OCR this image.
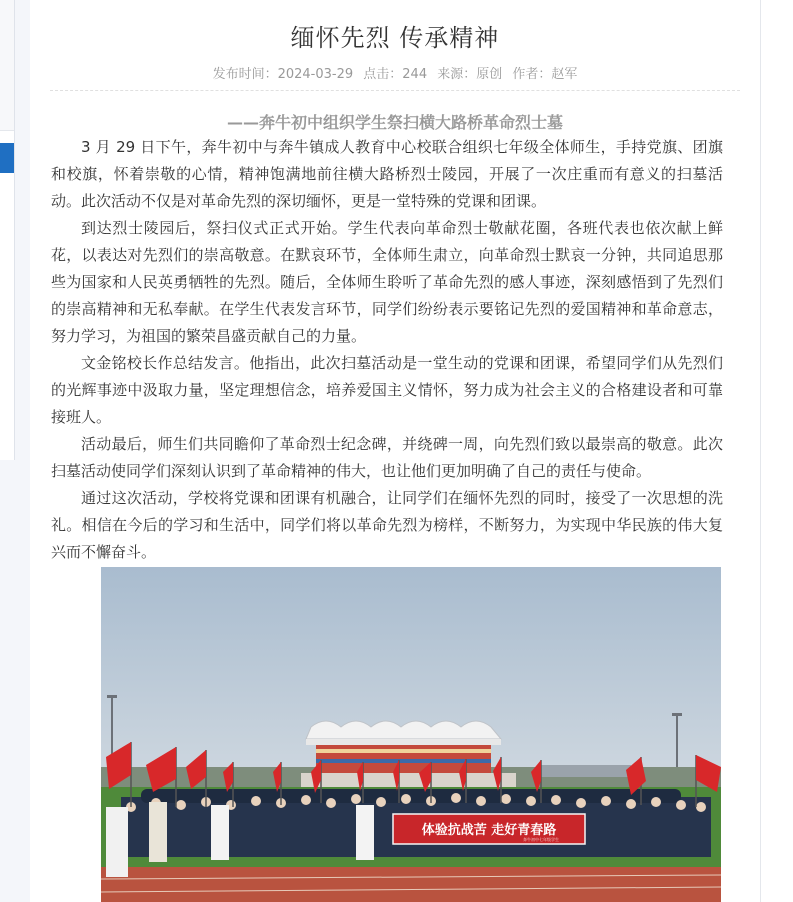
缅怀先烈 传承精神
发布时间：2024-03-29 点击：244 来源：原创 作者：赵军
——奔牛初中组织学生祭扫横大路桥革命烈士墓

3 月 29 日下午，奔牛初中与奔牛镇成人教育中心校联合组织七年级全体师生，手持党旗、团旗和校旗，怀着崇敬的心情，精神饱满地前往横大路桥烈士陵园，开展了一次庄重而有意义的扫墓活动。此次活动不仅是对革命先烈的深切缅怀，更是一堂特殊的党课和团课。

到达烈士陵园后，祭扫仪式正式开始。学生代表向革命烈士敬献花圈，各班代表也依次献上鲜花，以表达对先烈们的崇高敬意。在默哀环节，全体师生肃立，向革命烈士默哀一分钟，共同追思那些为国家和人民英勇牺牲的先烈。随后，全体师生聆听了革命先烈的感人事迹，深刻感悟到了先烈们的崇高精神和无私奉献。在学生代表发言环节，同学们纷纷表示要铭记先烈的爱国精神和革命意志，努力学习，为祖国的繁荣昌盛贡献自己的力量。

文金铭校长作总结发言。他指出，此次扫墓活动是一堂生动的党课和团课，希望同学们从先烈们的光辉事迹中汲取力量，坚定理想信念，培养爱国主义情怀，努力成为社会主义的合格建设者和可靠接班人。

活动最后，师生们共同瞻仰了革命烈士纪念碑，并绕碑一周，向先烈们致以最崇高的敬意。此次扫墓活动使同学们深刻认识到了革命精神的伟大，也让他们更加明确了自己的责任与使命。

通过这次活动，学校将党课和团课有机融合，让同学们在缅怀先烈的同时，接受了一次思想的洗礼。相信在今后的学习和生活中，同学们将以革命先烈为榜样，不断努力，为实现中华民族的伟大复兴而不懈奋斗。

体验抗战苦 走好青春路
奔牛初中七年级学生
